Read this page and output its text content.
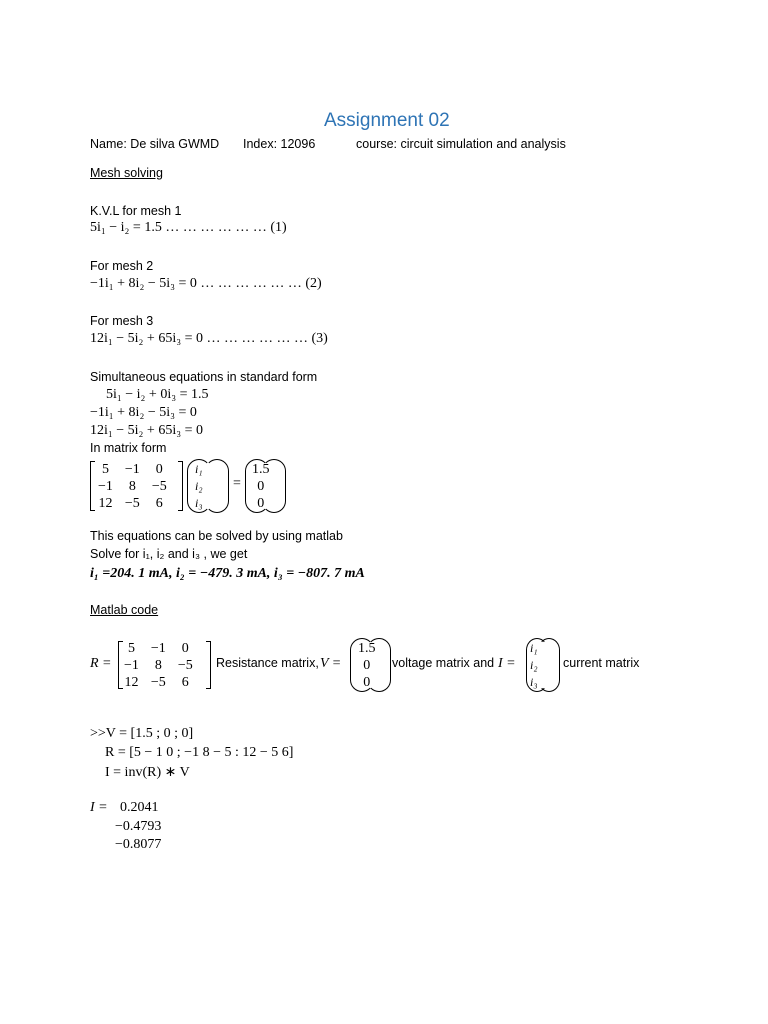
Assignment 02
Name: De silva GWMD Index: 12096	course: circuit simulation and analysis
Mesh solving
K.V.L for mesh 1
5i₁ − i₂ = 1.5 … … … … … … (1)
For mesh 2
−1i₁ + 8i₂ − 5i₃ = 0 … … … … … … (2)
For mesh 3
12i₁ − 5i₂ + 65i₃ = 0 … … … … … … (3)
Simultaneous equations in standard form
5i₁ − i₂ + 0i₃ = 1.5
−1i₁ + 8i₂ − 5i₃ = 0
12i₁ − 5i₂ + 65i₃ = 0
In matrix form
5	−1	0
−1	8	−5
12	−5	6
i₁
i₂
i₃
=
1.5
0
0
This equations can be solved by using matlab
Solve for i₁, i₂ and i₃ , we get
i₁ =204. 1 mA, i₂ = −479. 3 mA, i₃ = −807. 7 mA
Matlab code
R =
5	−1	0
−1	8	−5
12	−5	6
Resistance matrix, V =
1.5
0
0
voltage matrix and I =
i₁
i₂
i₃
current matrix
>>V = [1.5 ; 0 ; 0]
R = [5 − 1 0 ; −1 8 − 5 : 12 − 5 6]
I = inv(R) ∗ V
I = 0.2041
−0.4793
−0.8077
